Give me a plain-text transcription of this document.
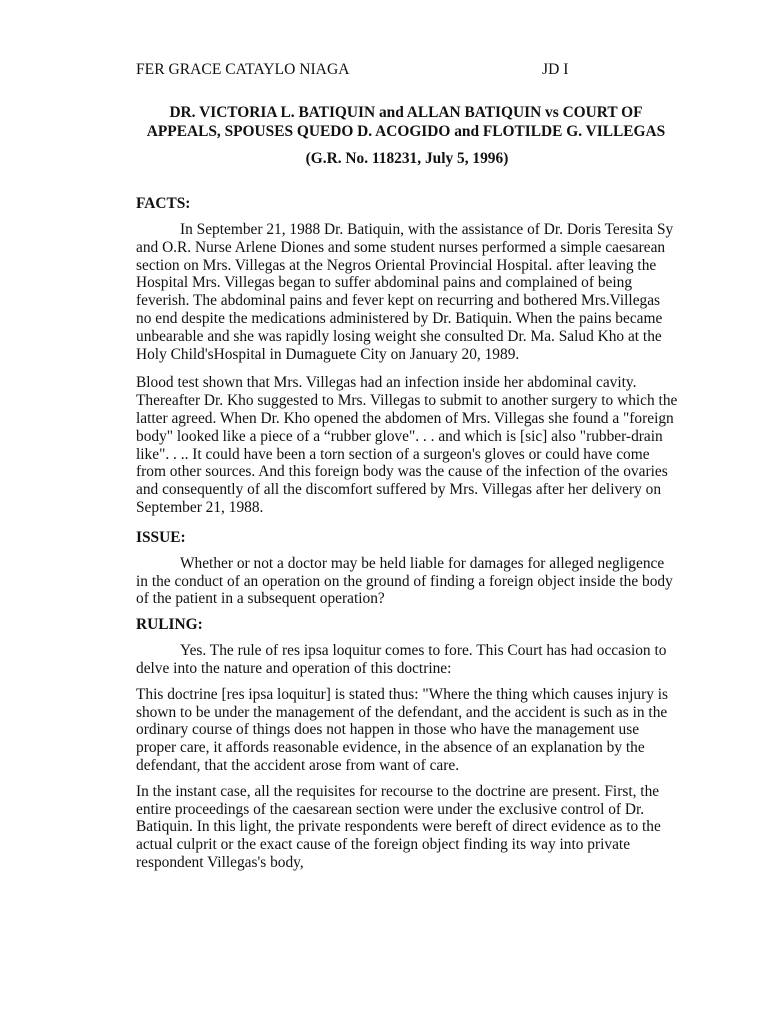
FER GRACE CATAYLO NIAGA	JD I
DR. VICTORIA L. BATIQUIN and ALLAN BATIQUIN vs COURT OF APPEALS, SPOUSES QUEDO D. ACOGIDO and FLOTILDE G. VILLEGAS
(G.R. No. 118231, July 5, 1996)
FACTS:

In September 21, 1988 Dr. Batiquin, with the assistance of Dr. Doris Teresita Sy and O.R. Nurse Arlene Diones and some student nurses performed a simple caesarean section on Mrs. Villegas at the Negros Oriental Provincial Hospital. after leaving the Hospital Mrs. Villegas began to suffer abdominal pains and complained of being feverish. The abdominal pains and fever kept on recurring and bothered Mrs.Villegas no end despite the medications administered by Dr. Batiquin. When the pains became unbearable and she was rapidly losing weight she consulted Dr. Ma. Salud Kho at the Holy Child'sHospital in Dumaguete City on January 20, 1989.

Blood test shown that Mrs. Villegas had an infection inside her abdominal cavity. Thereafter Dr. Kho suggested to Mrs. Villegas to submit to another surgery to which the latter agreed. When Dr. Kho opened the abdomen of Mrs. Villegas she found a "foreign body" looked like a piece of a “rubber glove". . . and which is [sic] also "rubber-drain like". . .. It could have been a torn section of a surgeon's gloves or could have come from other sources. And this foreign body was the cause of the infection of the ovaries and consequently of all the discomfort suffered by Mrs. Villegas after her delivery on September 21, 1988.

ISSUE:

Whether or not a doctor may be held liable for damages for alleged negligence in the conduct of an operation on the ground of finding a foreign object inside the body of the patient in a subsequent operation?

RULING:

Yes. The rule of res ipsa loquitur comes to fore. This Court has had occasion to delve into the nature and operation of this doctrine:

This doctrine [res ipsa loquitur] is stated thus: "Where the thing which causes injury is shown to be under the management of the defendant, and the accident is such as in the ordinary course of things does not happen in those who have the management use proper care, it affords reasonable evidence, in the absence of an explanation by the defendant, that the accident arose from want of care.

In the instant case, all the requisites for recourse to the doctrine are present. First, the entire proceedings of the caesarean section were under the exclusive control of Dr. Batiquin. In this light, the private respondents were bereft of direct evidence as to the actual culprit or the exact cause of the foreign object finding its way into private respondent Villegas's body,
